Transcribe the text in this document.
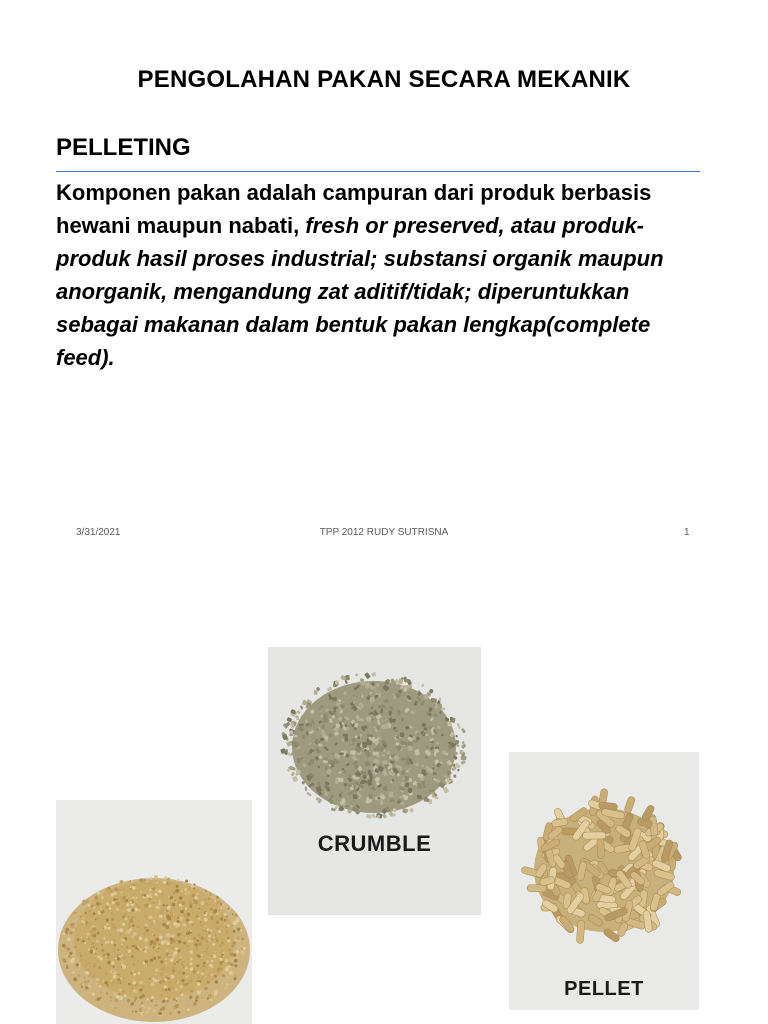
PENGOLAHAN PAKAN SECARA MEKANIK
PELLETING
Komponen pakan adalah campuran dari produk berbasis hewani maupun nabati, fresh or preserved, atau produk-produk hasil proses industrial; substansi organik maupun anorganik, mengandung zat aditif/tidak; diperuntukkan sebagai makanan dalam bentuk pakan lengkap(complete feed).
3/31/2021	TPP 2012 RUDY SUTRISNA	1
CRUMBLE
PELLET
